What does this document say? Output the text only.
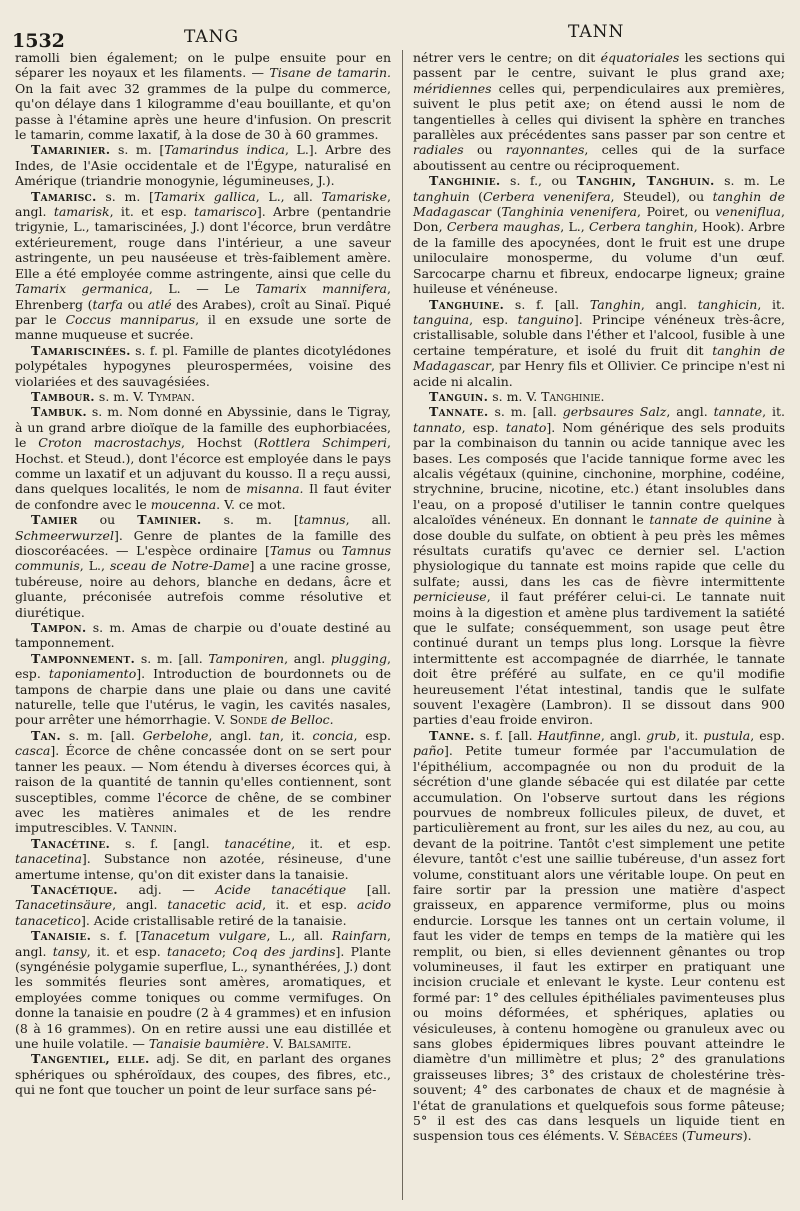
1532	TANG	TANN

ramolli bien également; on le pulpe ensuite pour en séparer les noyaux et les filaments. — Tisane de tamarin. On la fait avec 32 grammes de la pulpe du commerce, qu'on délaye dans 1 kilogramme d'eau bouillante, et qu'on passe à l'étamine après une heure d'infusion. On prescrit le tamarin, comme laxatif, à la dose de 30 à 60 grammes.

Tamarinier. s. m. [Tamarindus indica, L.]. Arbre des Indes, de l'Asie occidentale et de l'Égype, naturalisé en Amérique (triandrie monogynie, légumineuses, J.).

Tamarisc. s. m. [Tamarix gallica, L., all. Tamariske, angl. tamarisk, it. et esp. tamarisco]. Arbre (pentandrie trigynie, L., tamariscinées, J.) dont l'écorce, brun verdâtre extérieurement, rouge dans l'intérieur, a une saveur astringente, un peu nauséeuse et très-faiblement amère. Elle a été employée comme astringente, ainsi que celle du Tamarix germanica, L. — Le Tamarix mannifera, Ehrenberg (tarfa ou atlé des Arabes), croît au Sinaï. Piqué par le Coccus manniparus, il en exsude une sorte de manne muqueuse et sucrée.

Tamariscinées. s. f. pl. Famille de plantes dicotylédones polypétales hypogynes pleurospermées, voisine des violariées et des sauvagésiées.

Tambour. s. m. V. Tympan.

Tambuk. s. m. Nom donné en Abyssinie, dans le Tigray, à un grand arbre dioïque de la famille des euphorbiacées, le Croton macrostachys, Hochst (Rottlera Schimperi, Hochst. et Steud.), dont l'écorce est employée dans le pays comme un laxatif et un adjuvant du kousso. Il a reçu aussi, dans quelques localités, le nom de misanna. Il faut éviter de confondre avec le moucenna. V. ce mot.

Tamier ou Taminier. s. m. [tamnus, all. Schmeerwurzel]. Genre de plantes de la famille des dioscoréacées. — L'espèce ordinaire [Tamus ou Tamnus communis, L., sceau de Notre-Dame] a une racine grosse, tubéreuse, noire au dehors, blanche en dedans, âcre et gluante, préconisée autrefois comme résolutive et diurétique.

Tampon. s. m. Amas de charpie ou d'ouate destiné au tamponnement.

Tamponnement. s. m. [all. Tamponiren, angl. plugging, esp. taponiamento]. Introduction de bourdonnets ou de tampons de charpie dans une plaie ou dans une cavité naturelle, telle que l'utérus, le vagin, les cavités nasales, pour arrêter une hémorrhagie. V. Sonde de Belloc.

Tan. s. m. [all. Gerbelohe, angl. tan, it. concia, esp. casca]. Écorce de chêne concassée dont on se sert pour tanner les peaux. — Nom étendu à diverses écorces qui, à raison de la quantité de tannin qu'elles contiennent, sont susceptibles, comme l'écorce de chêne, de se combiner avec les matières animales et de les rendre imputrescibles. V. Tannin.

Tanacétine. s. f. [angl. tanacétine, it. et esp. tanacetina]. Substance non azotée, résineuse, d'une amertume intense, qu'on dit exister dans la tanaisie.

Tanacétique. adj. — Acide tanacétique [all. Tanacetinsäure, angl. tanacetic acid, it. et esp. acido tanacetico]. Acide cristallisable retiré de la tanaisie.

Tanaisie. s. f. [Tanacetum vulgare, L., all. Rainfarn, angl. tansy, it. et esp. tanaceto; Coq des jardins]. Plante (syngénésie polygamie superflue, L., synanthérées, J.) dont les sommités fleuries sont amères, aromatiques, et employées comme toniques ou comme vermifuges. On donne la tanaisie en poudre (2 à 4 grammes) et en infusion (8 à 16 grammes). On en retire aussi une eau distillée et une huile volatile. — Tanaisie baumière. V. Balsamite.

Tangentiel, elle. adj. Se dit, en parlant des organes sphériques ou sphéroïdaux, des coupes, des fibres, etc., qui ne font que toucher un point de leur surface sans pé-

nétrer vers le centre; on dit équatoriales les sections qui passent par le centre, suivant le plus grand axe; méridiennes celles qui, perpendiculaires aux premières, suivent le plus petit axe; on étend aussi le nom de tangentielles à celles qui divisent la sphère en tranches parallèles aux précédentes sans passer par son centre et radiales ou rayonnantes, celles qui de la surface aboutissent au centre ou réciproquement.

Tanghinie. s. f., ou Tanghin, Tanghuin. s. m. Le tanghuin (Cerbera venenifera, Steudel), ou tanghin de Madagascar (Tanghinia venenifera, Poiret, ou veneniflua, Don, Cerbera maughas, L., Cerbera tanghin, Hook). Arbre de la famille des apocynées, dont le fruit est une drupe uniloculaire monosperme, du volume d'un œuf. Sarcocarpe charnu et fibreux, endocarpe ligneux; graine huileuse et vénéneuse.

Tanghuine. s. f. [all. Tanghin, angl. tanghicin, it. tanguina, esp. tanguino]. Principe vénéneux très-âcre, cristallisable, soluble dans l'éther et l'alcool, fusible à une certaine température, et isolé du fruit dit tanghin de Madagascar, par Henry fils et Ollivier. Ce principe n'est ni acide ni alcalin.

Tanguin. s. m. V. Tanghinie.

Tannate. s. m. [all. gerbsaures Salz, angl. tannate, it. tannato, esp. tanato]. Nom générique des sels produits par la combinaison du tannin ou acide tannique avec les bases. Les composés que l'acide tannique forme avec les alcalis végétaux (quinine, cinchonine, morphine, codéine, strychnine, brucine, nicotine, etc.) étant insolubles dans l'eau, on a proposé d'utiliser le tannin contre quelques alcaloïdes vénéneux. En donnant le tannate de quinine à dose double du sulfate, on obtient à peu près les mêmes résultats curatifs qu'avec ce dernier sel. L'action physiologique du tannate est moins rapide que celle du sulfate; aussi, dans les cas de fièvre intermittente pernicieuse, il faut préférer celui-ci. Le tannate nuit moins à la digestion et amène plus tardivement la satiété que le sulfate; conséquemment, son usage peut être continué durant un temps plus long. Lorsque la fièvre intermittente est accompagnée de diarrhée, le tannate doit être préféré au sulfate, en ce qu'il modifie heureusement l'état intestinal, tandis que le sulfate souvent l'exagère (Lambron). Il se dissout dans 900 parties d'eau froide environ.

Tanne. s. f. [all. Hautfinne, angl. grub, it. pustula, esp. paño]. Petite tumeur formée par l'accumulation de l'épithélium, accompagnée ou non du produit de la sécrétion d'une glande sébacée qui est dilatée par cette accumulation. On l'observe surtout dans les régions pourvues de nombreux follicules pileux, de duvet, et particulièrement au front, sur les ailes du nez, au cou, au devant de la poitrine. Tantôt c'est simplement une petite élevure, tantôt c'est une saillie tubéreuse, d'un assez fort volume, constituant alors une véritable loupe. On peut en faire sortir par la pression une matière d'aspect graisseux, en apparence vermiforme, plus ou moins endurcie. Lorsque les tannes ont un certain volume, il faut les vider de temps en temps de la matière qui les remplit, ou bien, si elles deviennent gênantes ou trop volumineuses, il faut les extirper en pratiquant une incision cruciale et enlevant le kyste. Leur contenu est formé par: 1° des cellules épithéliales pavimenteuses plus ou moins déformées, et sphériques, aplaties ou vésiculeuses, à contenu homogène ou granuleux avec ou sans globes épidermiques libres pouvant atteindre le diamètre d'un millimètre et plus; 2° des granulations graisseuses libres; 3° des cristaux de cholestérine très-souvent; 4° des carbonates de chaux et de magnésie à l'état de granulations et quelquefois sous forme pâteuse; 5° il est des cas dans lesquels un liquide tient en suspension tous ces éléments. V. Sébacées (Tumeurs).
